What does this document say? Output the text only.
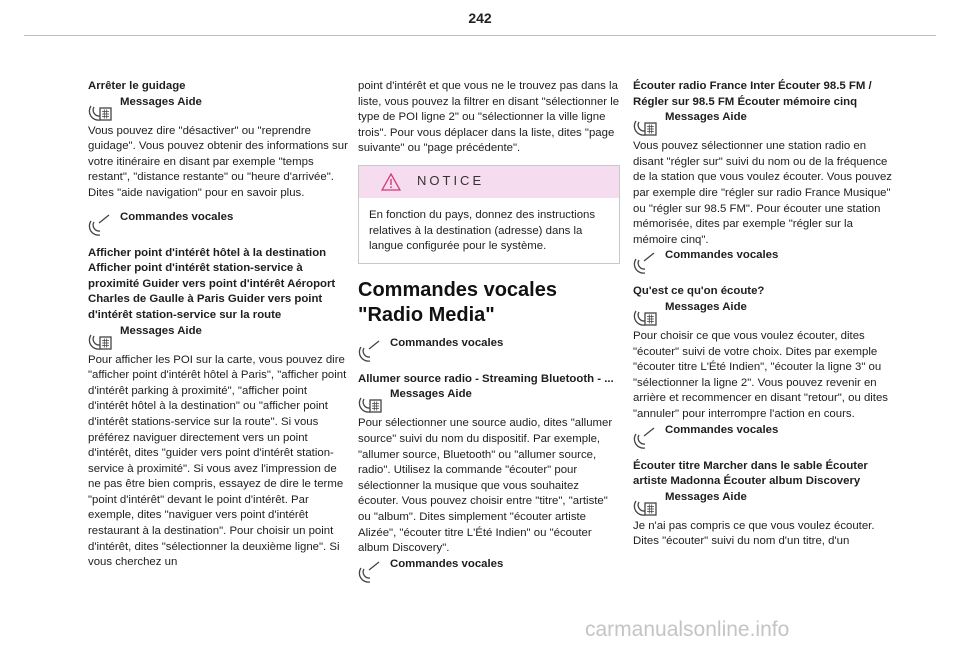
242

Arrêter le guidage

Messages Aide

Vous pouvez dire "désactiver" ou "reprendre guidage". Vous pouvez obtenir des informations sur votre itinéraire en disant par exemple "temps restant", "distance restante" ou "heure d'arrivée". Dites "aide navigation" pour en savoir plus.

Commandes vocales

Afficher point d'intérêt hôtel à la destination Afficher point d'intérêt station-service à proximité Guider vers point d'intérêt Aéroport Charles de Gaulle à Paris Guider vers point d'intérêt station-service sur la route

Messages Aide

Pour afficher les POI sur la carte, vous pouvez dire "afficher point d'intérêt hôtel à Paris", "afficher point d'intérêt parking à proximité", "afficher point d'intérêt hôtel à la destination" ou "afficher point d'intérêt stations-service sur la route". Si vous préférez naviguer directement vers un point d'intérêt, dites "guider vers point d'intérêt station-service à proximité". Si vous avez l'impression de ne pas être bien compris, essayez de dire le terme "point d'intérêt" devant le point d'intérêt. Par exemple, dites "naviguer vers point d'intérêt restaurant à la destination". Pour choisir un point d'intérêt, dites "sélectionner la deuxième ligne". Si vous cherchez un

point d'intérêt et que vous ne le trouvez pas dans la liste, vous pouvez la filtrer en disant "sélectionner le type de POI ligne 2" ou "sélectionner la ville ligne trois". Pour vous déplacer dans la liste, dites "page suivante" ou "page précédente".

NOTICE
En fonction du pays, donnez des instructions relatives à la destination (adresse) dans la langue configurée pour le système.

Commandes vocales "Radio Media"

Commandes vocales

Allumer source radio - Streaming Bluetooth - ...

Messages Aide

Pour sélectionner une source audio, dites "allumer source" suivi du nom du dispositif. Par exemple, "allumer source, Bluetooth" ou "allumer source, radio". Utilisez la commande "écouter" pour sélectionner la musique que vous souhaitez écouter. Vous pouvez choisir entre "titre", "artiste" ou "album". Dites simplement "écouter artiste Alizée", "écouter titre L'Été Indien" ou "écouter album Discovery".

Commandes vocales

Écouter radio France Inter Écouter 98.5 FM / Régler sur 98.5 FM Écouter mémoire cinq

Messages Aide

Vous pouvez sélectionner une station radio en disant "régler sur" suivi du nom ou de la fréquence de la station que vous voulez écouter. Vous pouvez par exemple dire "régler sur radio France Musique" ou "régler sur 98.5 FM". Pour écouter une station mémorisée, dites par exemple "régler sur la mémoire cinq".

Commandes vocales

Qu'est ce qu'on écoute?

Messages Aide

Pour choisir ce que vous voulez écouter, dites "écouter" suivi de votre choix. Dites par exemple "écouter titre L'Été Indien", "écouter la ligne 3" ou "sélectionner la ligne 2". Vous pouvez revenir en arrière et recommencer en disant "retour", ou dites "annuler" pour interrompre l'action en cours.

Commandes vocales

Écouter titre Marcher dans le sable Écouter artiste Madonna Écouter album Discovery

Messages Aide

Je n'ai pas compris ce que vous voulez écouter. Dites "écouter" suivi du nom d'un titre, d'un

carmanualsonline.info
